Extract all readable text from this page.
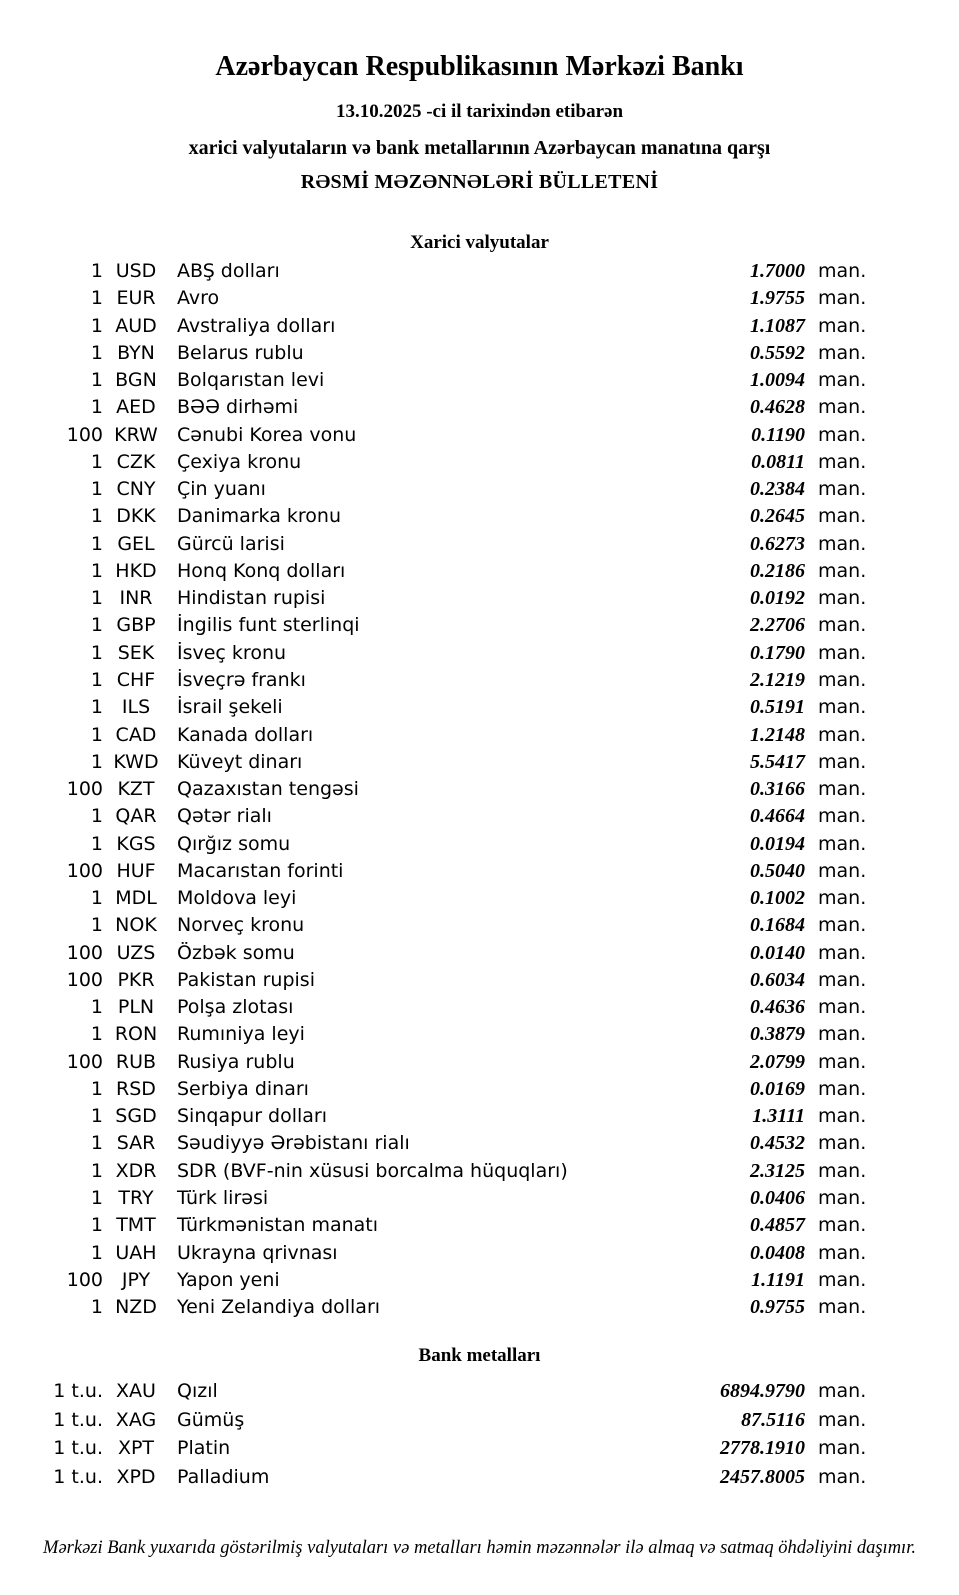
Azərbaycan Respublikasının Mərkəzi Bankı
13.10.2025 -ci il tarixindən etibarən
xarici valyutaların və bank metallarının Azərbaycan manatına qarşı
RƏSMİ MƏZƏNNƏLƏRİ BÜLLETENİ
Xarici valyutalar
1 USD	ABŞ dolları	1.7000 man.
1 EUR	Avro	1.9755 man.
1 AUD	Avstraliya dolları	1.1087 man.
1 BYN	Belarus rublu	0.5592 man.
1 BGN	Bolqarıstan levi	1.0094 man.
1 AED	BƏƏ dirhəmi	0.4628 man.
100 KRW	Cənubi Korea vonu	0.1190 man.
1 CZK	Çexiya kronu	0.0811 man.
1 CNY	Çin yuanı	0.2384 man.
1 DKK	Danimarka kronu	0.2645 man.
1 GEL	Gürcü larisi	0.6273 man.
1 HKD	Honq Konq dolları	0.2186 man.
1 INR	Hindistan rupisi	0.0192 man.
1 GBP	İngilis funt sterlinqi	2.2706 man.
1 SEK	İsveç kronu	0.1790 man.
1 CHF	İsveçrə frankı	2.1219 man.
1 ILS	İsrail şekeli	0.5191 man.
1 CAD	Kanada dolları	1.2148 man.
1 KWD Küveyt dinarı	5.5417 man.
100 KZT	Qazaxıstan tengəsi	0.3166 man.
1 QAR	Qətər rialı	0.4664 man.
1 KGS	Qırğız somu	0.0194 man.
100 HUF	Macarıstan forinti	0.5040 man.
1 MDL	Moldova leyi	0.1002 man.
1 NOK	Norveç kronu	0.1684 man.
100 UZS	Özbək somu	0.0140 man.
100 PKR	Pakistan rupisi	0.6034 man.
1 PLN	Polşa zlotası	0.4636 man.
1 RON	Rumıniya leyi	0.3879 man.
100 RUB	Rusiya rublu	2.0799 man.
1 RSD	Serbiya dinarı	0.0169 man.
1 SGD	Sinqapur dolları	1.3111 man.
1 SAR	Səudiyyə Ərəbistanı rialı	0.4532 man.
1 XDR	SDR (BVF-nin xüsusi borcalma hüquqları)	2.3125 man.
1 TRY	Türk lirəsi	0.0406 man.
1 TMT	Türkmənistan manatı	0.4857 man.
1 UAH	Ukrayna qrivnası	0.0408 man.
100 JPY	Yapon yeni	1.1191 man.
1 NZD	Yeni Zelandiya dolları	0.9755 man.
Bank metalları
1 t.u. XAU	Qızıl	6894.9790 man.
1 t.u. XAG	Gümüş	87.5116 man.
1 t.u. XPT	Platin	2778.1910 man.
1 t.u. XPD	Palladium	2457.8005 man.
Mərkəzi Bank yuxarıda göstərilmiş valyutaları və metalları həmin məzənnələr ilə almaq və satmaq öhdəliyini daşımır.
